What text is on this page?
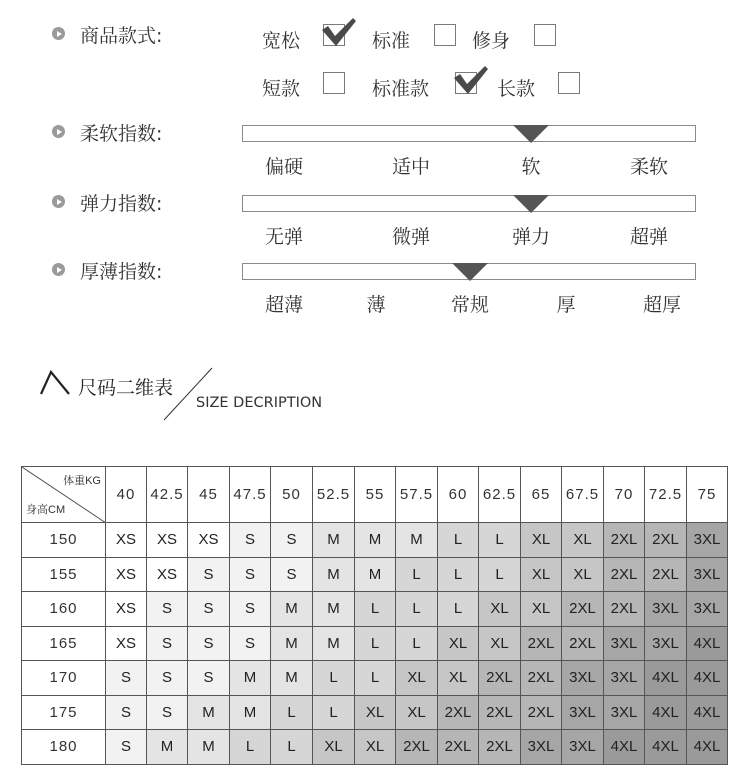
商品款式:	宽松	标准	修身
短款	标准款	长款
柔软指数:
偏硬	适中	软	柔软
弹力指数:
无弹	微弹	弹力	超弹
厚薄指数:
超薄	薄	常规	厚	超厚
尺码二维表
SIZE DECRIPTION
体重KG
身高CM	40	42.5	45	47.5	50	52.5	55	57.5	60	62.5	65	67.5	70	72.5	75
150	XS	XS	XS	S	S	M	M	M	L	L	XL	XL	2XL	2XL	3XL
155	XS	XS	S	S	S	M	M	L	L	L	XL	XL	2XL	2XL	3XL
160	XS	S	S	S	M	M	L	L	L	XL	XL	2XL	2XL	3XL	3XL
165	XS	S	S	S	M	M	L	L	XL	XL	2XL	2XL	3XL	3XL	4XL
170	S	S	S	M	M	L	L	XL	XL	2XL	2XL	3XL	3XL	4XL	4XL
175	S	S	M	M	L	L	XL	XL	2XL	2XL	2XL	3XL	3XL	4XL	4XL
180	S	M	M	L	L	XL	XL	2XL	2XL	2XL	3XL	3XL	4XL	4XL	4XL
